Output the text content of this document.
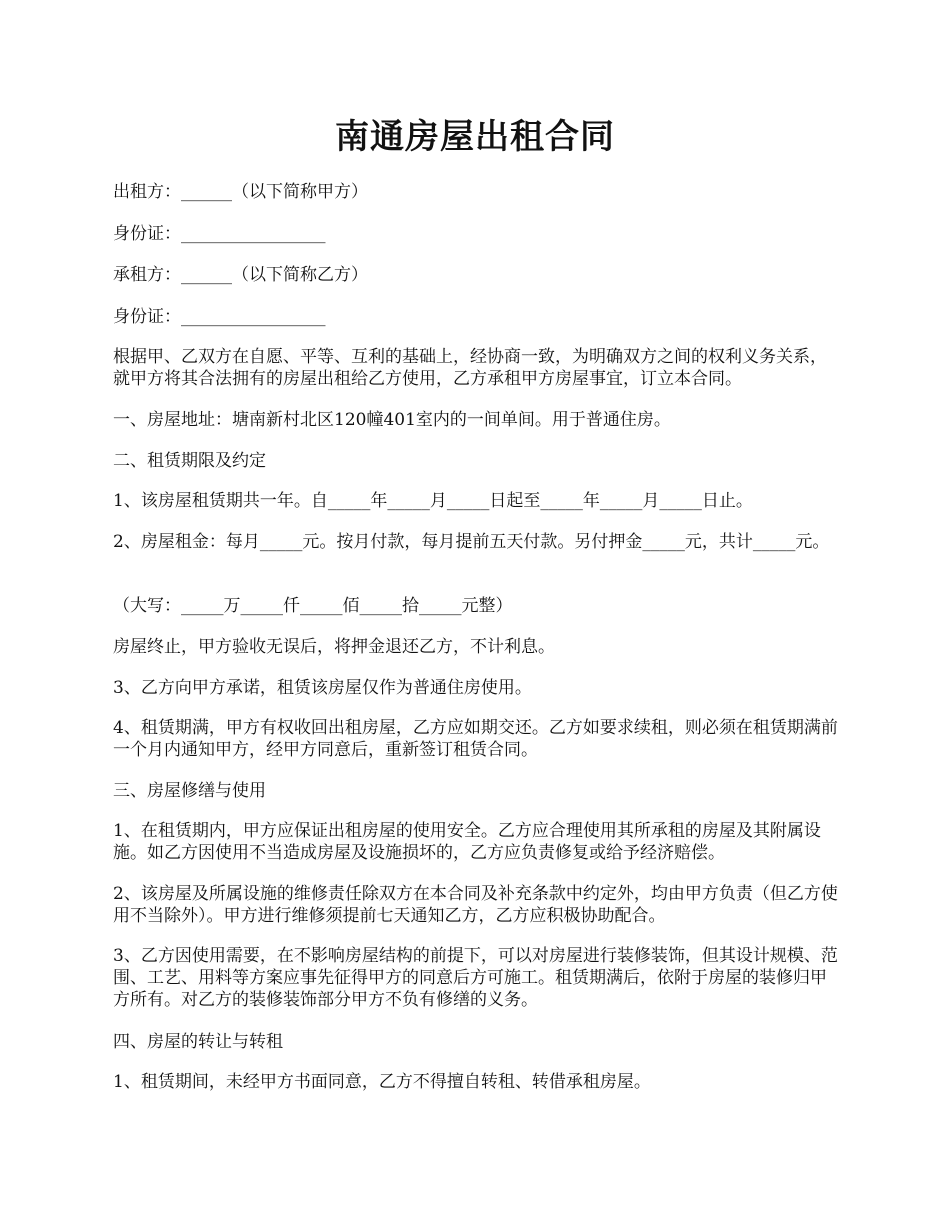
南通房屋出租合同

出租方：______（以下简称甲方）

身份证：_________________

承租方：______（以下简称乙方）

身份证：_________________

根据甲、乙双方在自愿、平等、互利的基础上，经协商一致，为明确双方之间的权利义务关系，就甲方将其合法拥有的房屋出租给乙方使用，乙方承租甲方房屋事宜，订立本合同。

一、房屋地址：塘南新村北区120幢401室内的一间单间。用于普通住房。

二、租赁期限及约定

1、该房屋租赁期共一年。自_____年_____月_____日起至_____年_____月_____日止。

2、房屋租金：每月_____元。按月付款，每月提前五天付款。另付押金_____元，共计_____元。

（大写：_____万_____仟_____佰_____拾_____元整）

房屋终止，甲方验收无误后，将押金退还乙方，不计利息。

3、乙方向甲方承诺，租赁该房屋仅作为普通住房使用。

4、租赁期满，甲方有权收回出租房屋，乙方应如期交还。乙方如要求续租，则必须在租赁期满前一个月内通知甲方，经甲方同意后，重新签订租赁合同。

三、房屋修缮与使用

1、在租赁期内，甲方应保证出租房屋的使用安全。乙方应合理使用其所承租的房屋及其附属设施。如乙方因使用不当造成房屋及设施损坏的，乙方应负责修复或给予经济赔偿。

2、该房屋及所属设施的维修责任除双方在本合同及补充条款中约定外，均由甲方负责（但乙方使用不当除外）。甲方进行维修须提前七天通知乙方，乙方应积极协助配合。

3、乙方因使用需要，在不影响房屋结构的前提下，可以对房屋进行装修装饰，但其设计规模、范围、工艺、用料等方案应事先征得甲方的同意后方可施工。租赁期满后，依附于房屋的装修归甲方所有。对乙方的装修装饰部分甲方不负有修缮的义务。

四、房屋的转让与转租

1、租赁期间，未经甲方书面同意，乙方不得擅自转租、转借承租房屋。
